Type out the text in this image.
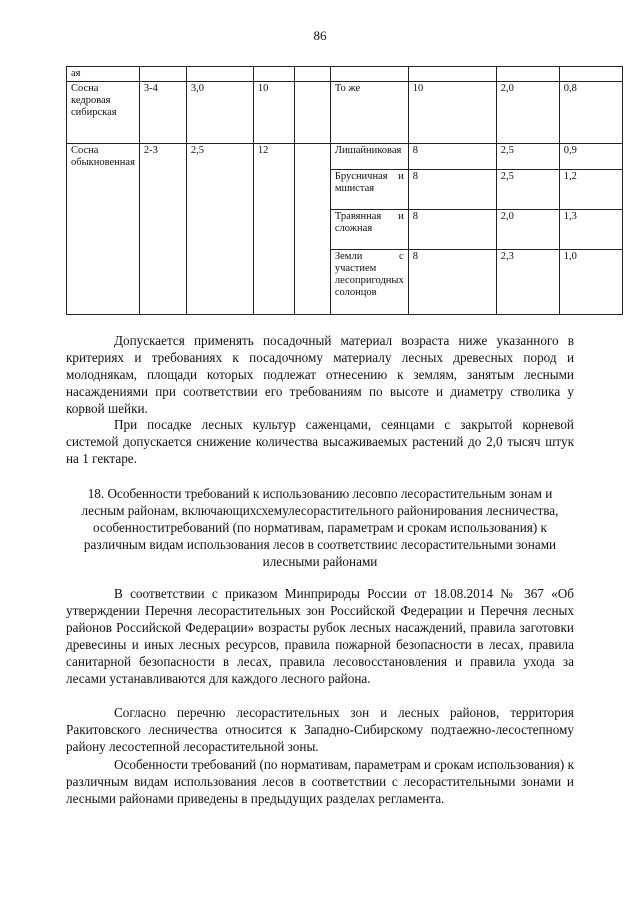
86
ая								
Сосна кедровая сибирская	3-4	3,0	10		То же	10	2,0	0,8
Сосна обыкновенная	2-3	2,5	12		Лишайниковая	8	2,5	0,9
					Брусничная и мшистая	8	2,5	1,2
					Травянная и сложная	8	2,0	1,3
					Земли с участием лесопригодных солонцов	8	2,3	1,0

Допускается применять посадочный материал возраста ниже указанного в критериях и требованиях к посадочному материалу лесных древесных пород и молоднякам, площади которых подлежат отнесению к землям, занятым лесными насаждениями при соответствии его требованиям по высоте и диаметру стволика у корвой шейки.

При посадке лесных культур саженцами, сеянцами с закрытой корневой системой допускается снижение количества высаживаемых растений до 2,0 тысяч штук на 1 гектаре.

18. Особенности требований к использованию лесовпо лесорастительным зонам и лесным районам, включающихсхемулесорастительного районирования лесничества, особенноститребований (по нормативам, параметрам и срокам использования) к различным видам использования лесов в соответствиис лесорастительными зонами илесными районами

В соответствии с приказом Минприроды России от 18.08.2014 № 367 «Об утверждении Перечня лесорастительных зон Российской Федерации и Перечня лесных районов Российской Федерации» возрасты рубок лесных насаждений, правила заготовки древесины и иных лесных ресурсов, правила пожарной безопасности в лесах, правила санитарной безопасности в лесах, правила лесовосстановления и правила ухода за лесами устанавливаются для каждого лесного района.

Согласно перечню лесорастительных зон и лесных районов, территория Ракитовского лесничества относится к Западно-Сибирскому подтаежно-лесостепному району лесостепной лесорастительной зоны.

Особенности требований (по нормативам, параметрам и срокам использования) к различным видам использования лесов в соответствии с лесорастительными зонами и лесными районами приведены в предыдущих разделах регламента.
